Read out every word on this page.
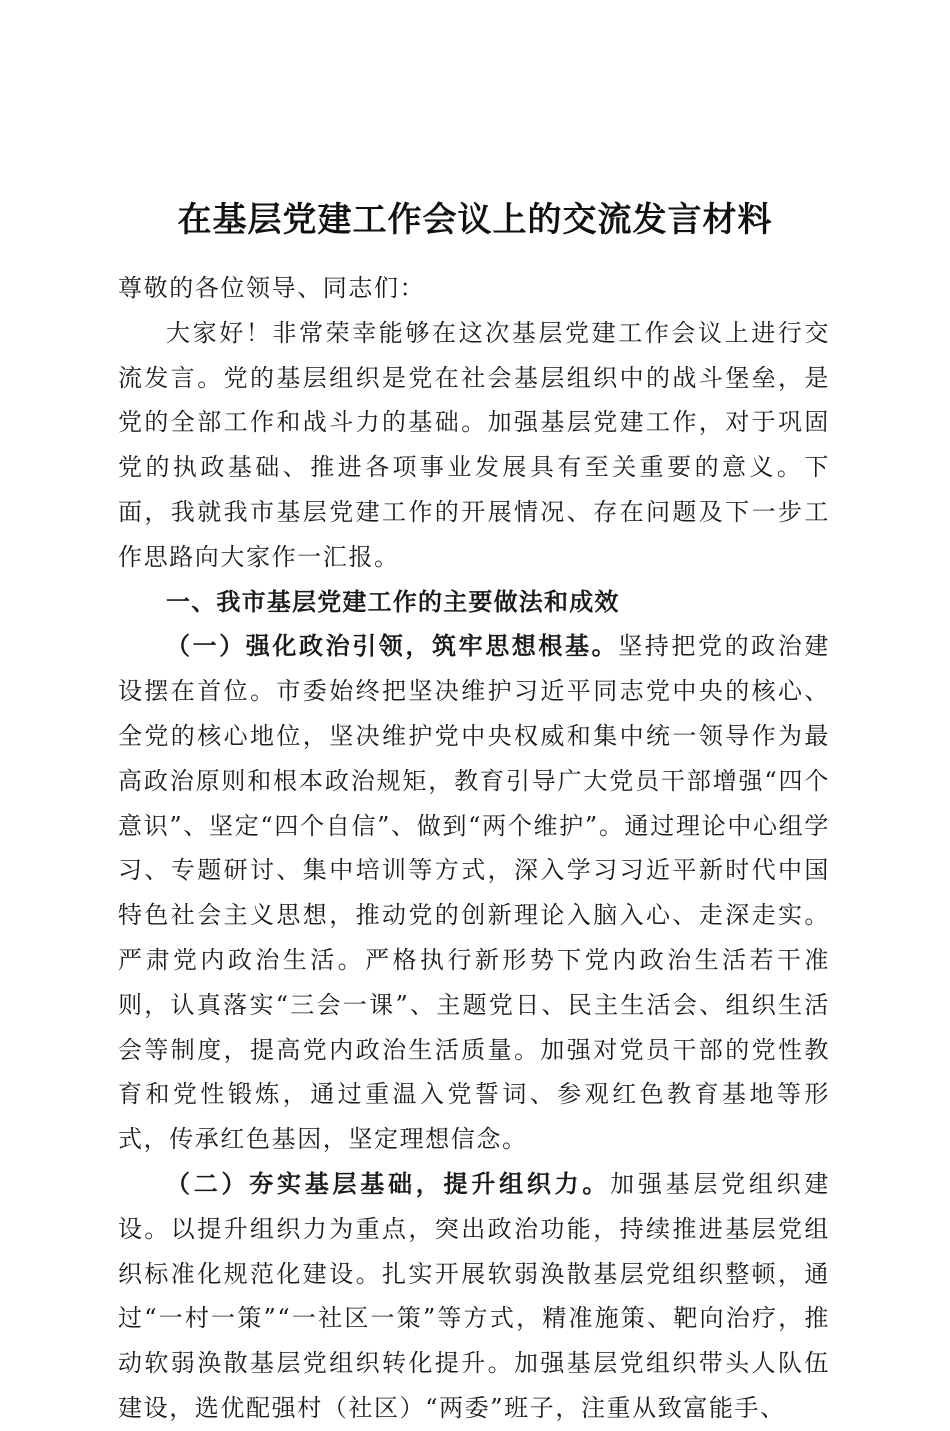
在基层党建工作会议上的交流发言材料

尊敬的各位领导、同志们：

大家好！非常荣幸能够在这次基层党建工作会议上进行交流发言。党的基层组织是党在社会基层组织中的战斗堡垒，是党的全部工作和战斗力的基础。加强基层党建工作，对于巩固党的执政基础、推进各项事业发展具有至关重要的意义。下面，我就我市基层党建工作的开展情况、存在问题及下一步工作思路向大家作一汇报。

一、我市基层党建工作的主要做法和成效

（一）强化政治引领，筑牢思想根基。坚持把党的政治建设摆在首位。市委始终把坚决维护习近平同志党中央的核心、全党的核心地位，坚决维护党中央权威和集中统一领导作为最高政治原则和根本政治规矩，教育引导广大党员干部增强“四个意识”、坚定“四个自信”、做到“两个维护”。通过理论中心组学习、专题研讨、集中培训等方式，深入学习习近平新时代中国特色社会主义思想，推动党的创新理论入脑入心、走深走实。严肃党内政治生活。严格执行新形势下党内政治生活若干准则，认真落实“三会一课”、主题党日、民主生活会、组织生活会等制度，提高党内政治生活质量。加强对党员干部的党性教育和党性锻炼，通过重温入党誓词、参观红色教育基地等形式，传承红色基因，坚定理想信念。

（二）夯实基层基础，提升组织力。加强基层党组织建设。以提升组织力为重点，突出政治功能，持续推进基层党组织标准化规范化建设。扎实开展软弱涣散基层党组织整顿，通过“一村一策”“一社区一策”等方式，精准施策、靶向治疗，推动软弱涣散基层党组织转化提升。加强基层党组织带头人队伍建设，选优配强村（社区）“两委”班子，注重从致富能手、
